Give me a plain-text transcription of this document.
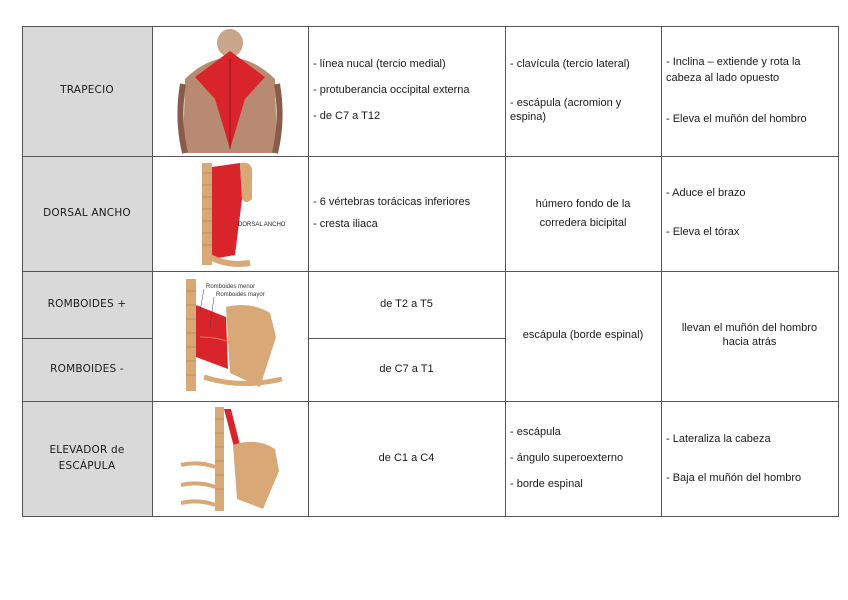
TRAPECIO

- línea nucal (tercio medial)

- protuberancia occipital externa

- de C7 a T12

- clavícula (tercio lateral)

- escápula (acromion y espina)

- Inclina – extiende y rota la cabeza al lado opuesto

- Eleva el muñón del hombro

DORSAL ANCHO
DORSAL ANCHO

- 6 vértebras torácicas inferiores

- cresta iliaca

húmero fondo de la corredera bicipital

- Aduce el brazo

- Eleva el tórax

ROMBOIDES +
ROMBOIDES -
Romboides menor
Romboides mayor
de T2 a T5
de C7 a T1
escápula (borde espinal)
llevan el muñón del hombro hacia atrás
ELEVADOR de ESCÁPULA
de C1 a C4

- escápula

- ángulo superoexterno

- borde espinal

- Lateraliza la cabeza

- Baja el muñón del hombro
